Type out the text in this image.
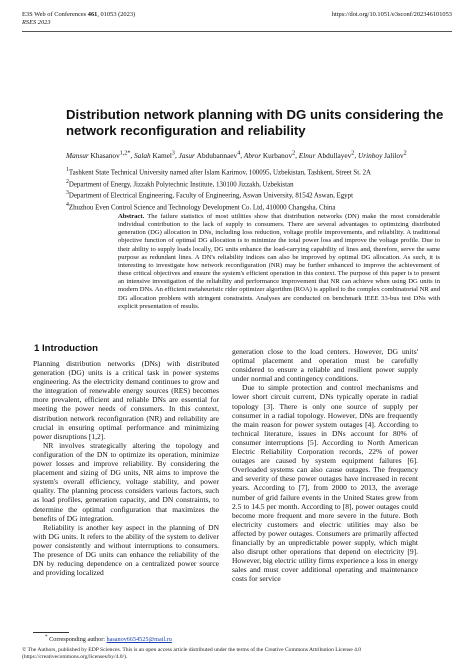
E3S Web of Conferences 461, 01053 (2023)
RSES 2023
https://doi.org/10.1051/e3sconf/202346101053
Distribution network planning with DG units considering the network reconfiguration and reliability
Mansur Khasanov$^{1,2*}$, Salah Kamel$^3$, Jasur Abdubannaev$^4$, Abror Kurbanov$^2$, Elnur Abdullayev$^2$, Urinboy Jalilov$^2$
$^1$Tashkent State Technical University named after Islam Karimov, 100095, Uzbekistan, Tashkent, Street St. 2A
$^2$Department of Energy, Jizzakh Polytechnic Institute, 130100 Jizzakh, Uzbekistan
$^3$Department of Electrical Engineering, Faculty of Engineering, Aswan University, 81542 Aswan, Egypt
$^4$Zhuzhou Even Control Science and Technology Development Co. Ltd, 410000 Changsha, China

Abstract. The failure statistics of most utilities show that distribution networks (DN) make the most considerable individual contribution to the lack of supply to consumers. There are several advantages to optimizing distributed generation (DG) allocation in DNs, including loss reduction, voltage profile improvements, and reliability. A traditional objective function of optimal DG allocation is to minimize the total power loss and improve the voltage profile. Due to their ability to supply loads locally, DG units enhance the load-carrying capability of lines and, therefore, serve the same purpose as redundant lines. A DN's reliability indices can also be improved by optimal DG allocation. As such, it is interesting to investigate how network reconfiguration (NR) may be further enhanced to improve the achievement of these critical objectives and ensure the system's efficient operation in this context. The purpose of this paper is to present an intensive investigation of the reliability and performance improvement that NR can achieve when using DG units in modern DNs. An efficient metaheuristic rider optimizer algorithm (ROA) is applied to the complex combinatorial NR and DG allocation problem with stringent constraints. Analyses are conducted on benchmark IEEE 33-bus test DNs with explicit presentation of results.

1 Introduction

Planning distribution networks (DNs) with distributed generation (DG) units is a critical task in power systems engineering. As the electricity demand continues to grow and the integration of renewable energy sources (RES) becomes more prevalent, efficient and reliable DNs are essential for meeting the power needs of consumers. In this context, distribution network reconfiguration (NR) and reliability are crucial in ensuring optimal performance and minimizing power disruptions [1,2].

NR involves strategically altering the topology and configuration of the DN to optimize its operation, minimize power losses and improve reliability. By considering the placement and sizing of DG units, NR aims to improve the system's overall efficiency, voltage stability, and power quality. The planning process considers various factors, such as load profiles, generation capacity, and DN constraints, to determine the optimal configuration that maximizes the benefits of DG integration.

Reliability is another key aspect in the planning of DN with DG units. It refers to the ability of the system to deliver power consistently and without interruptions to consumers. The presence of DG units can enhance the reliability of the DN by reducing dependence on a centralized power source and providing localized

generation close to the load centers. However, DG units' optimal placement and operation must be carefully considered to ensure a reliable and resilient power supply under normal and contingency conditions.

Due to simple protection and control mechanisms and lower short circuit current, DNs typically operate in radial topology [3]. There is only one source of supply per consumer in a radial topology. However, DNs are frequently the main reason for power system outages [4]. According to technical literature, issues in DNs account for 80% of consumer interruptions [5]. According to North American Electric Reliability Corporation records, 22% of power outages are caused by system equipment failures [6]. Overloaded systems can also cause outages. The frequency and severity of these power outages have increased in recent years. According to [7], from 2000 to 2013, the average number of grid failure events in the United States grew from 2.5 to 14.5 per month. According to [8], power outages could become more frequent and more severe in the future. Both electricity customers and electric utilities may also be affected by power outages. Consumers are primarily affected financially by an unpredictable power supply, which might also disrupt other operations that depend on electricity [9]. However, big electric utility firms experience a loss in energy sales and must cover additional operating and maintenance costs for service

* Corresponding author: hasanov6654525@mail.ru
© The Authors, published by EDP Sciences. This is an open access article distributed under the terms of the Creative Commons Attribution License 4.0 (https://creativecommons.org/licenses/by/4.0/).
